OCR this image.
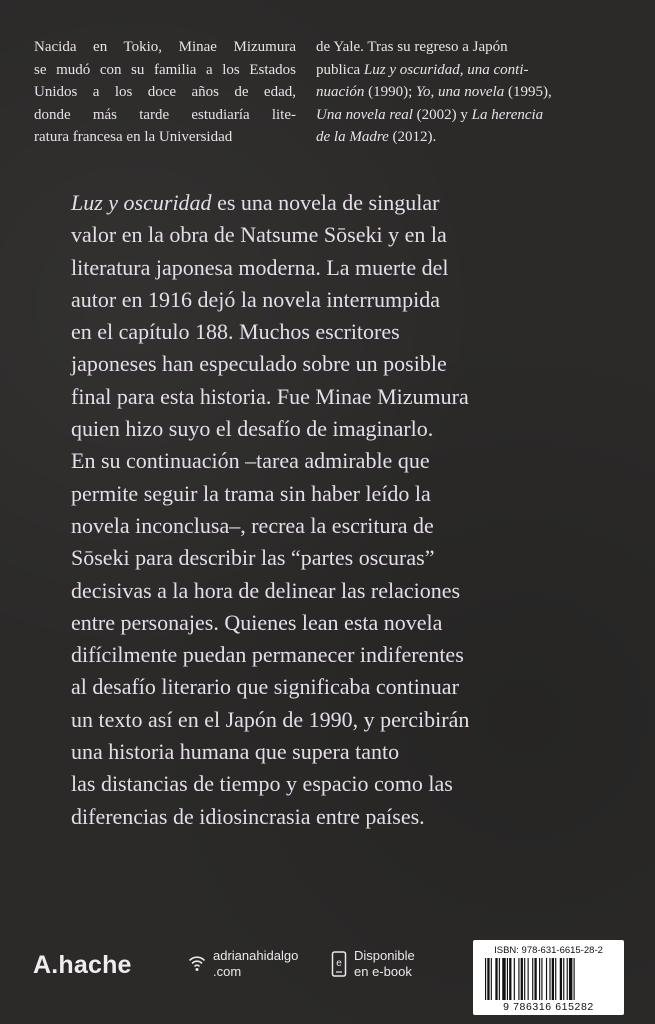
Nacida en Tokio, Minae Mizumura
se mudó con su familia a los Estados
Unidos a los doce años de edad,
donde más tarde estudiaría lite-
ratura francesa en la Universidad
de Yale. Tras su regreso a Japón
publica Luz y oscuridad, una conti-
nuación (1990); Yo, una novela (1995),
Una novela real (2002) y La herencia
de la Madre (2012).
Luz y oscuridad es una novela de singular
valor en la obra de Natsume Sōseki y en la
literatura japonesa moderna. La muerte del
autor en 1916 dejó la novela interrumpida
en el capítulo 188. Muchos escritores
japoneses han especulado sobre un posible
final para esta historia. Fue Minae Mizumura
quien hizo suyo el desafío de imaginarlo.
En su continuación –tarea admirable que
permite seguir la trama sin haber leído la
novela inconclusa–, recrea la escritura de
Sōseki para describir las “partes oscuras”
decisivas a la hora de delinear las relaciones
entre personajes. Quienes lean esta novela
difícilmente puedan permanecer indiferentes
al desafío literario que significaba continuar
un texto así en el Japón de 1990, y percibirán
una historia humana que supera tanto
las distancias de tiempo y espacio como las
diferencias de idiosincrasia entre países.
A.hache	adrianahidalgo
.com
e
Disponible
en e-book
ISBN: 978-631-6615-28-2
9 786316 615282
